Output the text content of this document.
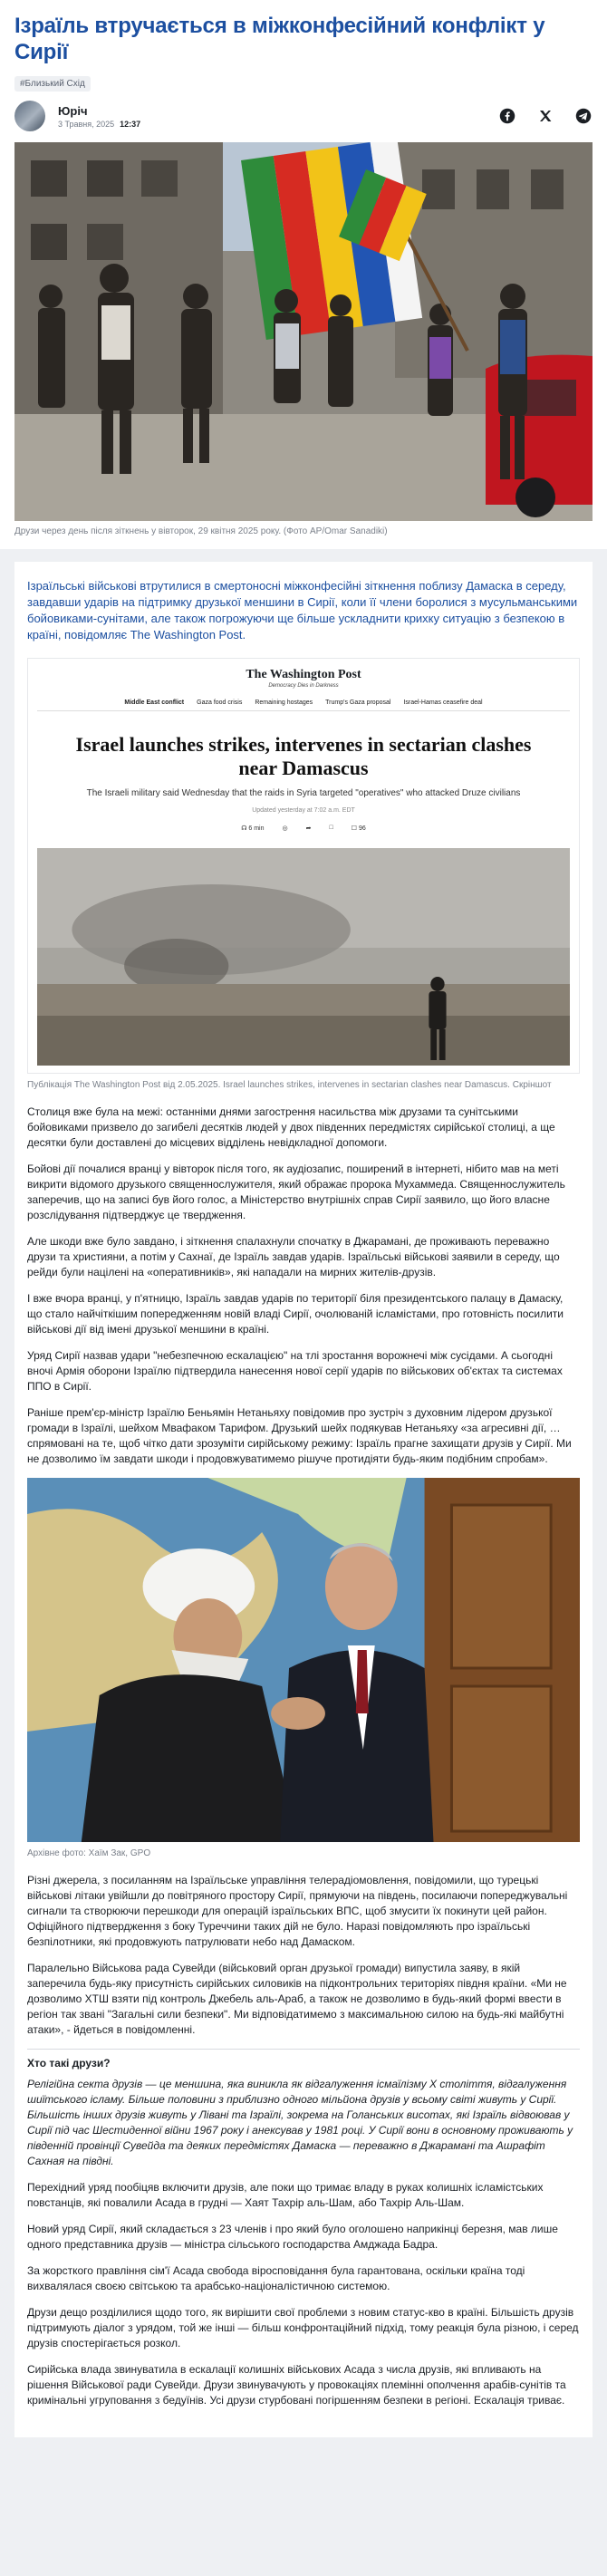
Ізраїль втручається в міжконфесійний конфлікт у Сирії
#Близький Схід
Юріч
3 Травня, 2025 12:37
Друзи через день після зіткнень у вівторок, 29 квітня 2025 року. (Фото AP/Omar Sanadiki)

Ізраїльські військові втрутилися в смертоносні міжконфесійні зіткнення поблизу Дамаска в середу, завдавши ударів на підтримку друзької меншини в Сирії, коли її члени боролися з мусульманськими бойовиками-сунітами, але також погрожуючи ще більше ускладнити крихку ситуацію з безпекою в країні, повідомляє The Washington Post.

The Washington Post
Democracy Dies in Darkness
Middle East conflict Gaza food crisis Remaining hostages Trump's Gaza proposal Israel-Hamas ceasefire deal
Israel launches strikes, intervenes in sectarian clashes near Damascus
The Israeli military said Wednesday that the raids in Syria targeted "operatives" who attacked Druze civilians
Updated yesterday at 7:02 a.m. EDT
☊ 6 min	◎	➦	□	☐ 96
Публікація The Washington Post від 2.05.2025. Israel launches strikes, intervenes in sectarian clashes near Damascus. Скріншот

Столиця вже була на межі: останніми днями загострення насильства між друзами та сунітськими бойовиками призвело до загибелі десятків людей у двох південних передмістях сирійської столиці, а ще десятки були доставлені до місцевих відділень невідкладної допомоги.

Бойові дії почалися вранці у вівторок після того, як аудіозапис, поширений в інтернеті, нібито мав на меті викрити відомого друзького священнослужителя, який ображає пророка Мухаммеда. Священнослужитель заперечив, що на записі був його голос, а Міністерство внутрішніх справ Сирії заявило, що його власне розслідування підтверджує це твердження.

Але шкоди вже було завдано, і зіткнення спалахнули спочатку в Джарамані, де проживають переважно друзи та християни, а потім у Сахнаї, де Ізраїль завдав ударів. Ізраїльські військові заявили в середу, що рейди були націлені на «оперативників», які нападали на мирних жителів-друзів.

І вже вчора вранці, у п'ятницю, Ізраїль завдав ударів по території біля президентського палацу в Дамаску, що стало найчіткішим попередженням новій владі Сирії, очолюваній ісламістами, про готовність посилити військові дії від імені друзької меншини в країні.

Уряд Сирії назвав удари "небезпечною ескалацією" на тлі зростання ворожнечі між сусідами. А сьогодні вночі Армія оборони Ізраїлю підтвердила нанесення нової серії ударів по військових об'єктах та системах ППО в Сирії.

Раніше прем'єр-міністр Ізраїлю Беньямін Нетаньяху повідомив про зустріч з духовним лідером друзької громади в Ізраїлі, шейхом Мвафаком Тарифом. Друзький шейх подякував Нетаньяху «за агресивні дії, … спрямовані на те, щоб чітко дати зрозуміти сирійському режиму: Ізраїль прагне захищати друзів у Сирії. Ми не дозволимо їм завдати шкоди і продовжуватимемо рішуче протидіяти будь-яким подібним спробам».

Архівне фото: Хаїм Зак, GPO

Різні джерела, з посиланням на Ізраїльське управління телерадіомовлення, повідомили, що турецькі військові літаки увійшли до повітряного простору Сирії, прямуючи на південь, посилаючи попереджувальні сигнали та створюючи перешкоди для операцій ізраїльських ВПС, щоб змусити їх покинути цей район. Офіційного підтвердження з боку Туреччини таких дій не було. Наразі повідомляють про ізраїльські безпілотники, які продовжують патрулювати небо над Дамаском.

Паралельно Військова рада Сувейди (військовий орган друзької громади) випустила заяву, в якій заперечила будь-яку присутність сирійських силовиків на підконтрольних територіях півдня країни. «Ми не дозволимо ХТШ взяти під контроль Джебель аль-Араб, а також не дозволимо в будь-який формі ввести в регіон так звані "Загальні сили безпеки". Ми відповідатимемо з максимальною силою на будь-які майбутні атаки», - йдеться в повідомленні.

Хто такі друзи?

Релігійна секта друзів — це меншина, яка виникла як відгалуження ісмаїлізму X століття, відгалуження шиїтського ісламу. Більше половини з приблизно одного мільйона друзів у всьому світі живуть у Сирії. Більшість інших друзів живуть у Лівані та Ізраїлі, зокрема на Голанських висотах, які Ізраїль відвоював у Сирії під час Шестиденної війни 1967 року і анексував у 1981 році. У Сирії вони в основному проживають у південній провінції Сувейда та деяких передмістях Дамаска — переважно в Джарамані та Ашрафіт Сахная на півдні.

Перехідний уряд пообіцяв включити друзів, але поки що тримає владу в руках колишніх ісламістських повстанців, які повалили Асада в грудні — Хаят Тахрір аль-Шам, або Тахрір Аль-Шам.

Новий уряд Сирії, який складається з 23 членів і про який було оголошено наприкінці березня, мав лише одного представника друзів — міністра сільського господарства Амджада Бадра.

За жорсткого правління сім'ї Асада свобода віросповідання була гарантована, оскільки країна тоді вихвалялася своєю світською та арабсько-націоналістичною системою.

Друзи дещо розділилися щодо того, як вирішити свої проблеми з новим статус-кво в країні. Більшість друзів підтримують діалог з урядом, той же інші — більш конфронтаційний підхід, тому реакція була різною, і серед друзів спостерігається розкол.

Сирійська влада звинуватила в ескалації колишніх військових Асада з числа друзів, які впливають на рішення Військової ради Сувейди. Друзи звинувачують у провокаціях племінні ополчення арабів-сунітів та кримінальні угруповання з бедуїнів. Усі друзи стурбовані погіршенням безпеки в регіоні. Ескалація триває.
